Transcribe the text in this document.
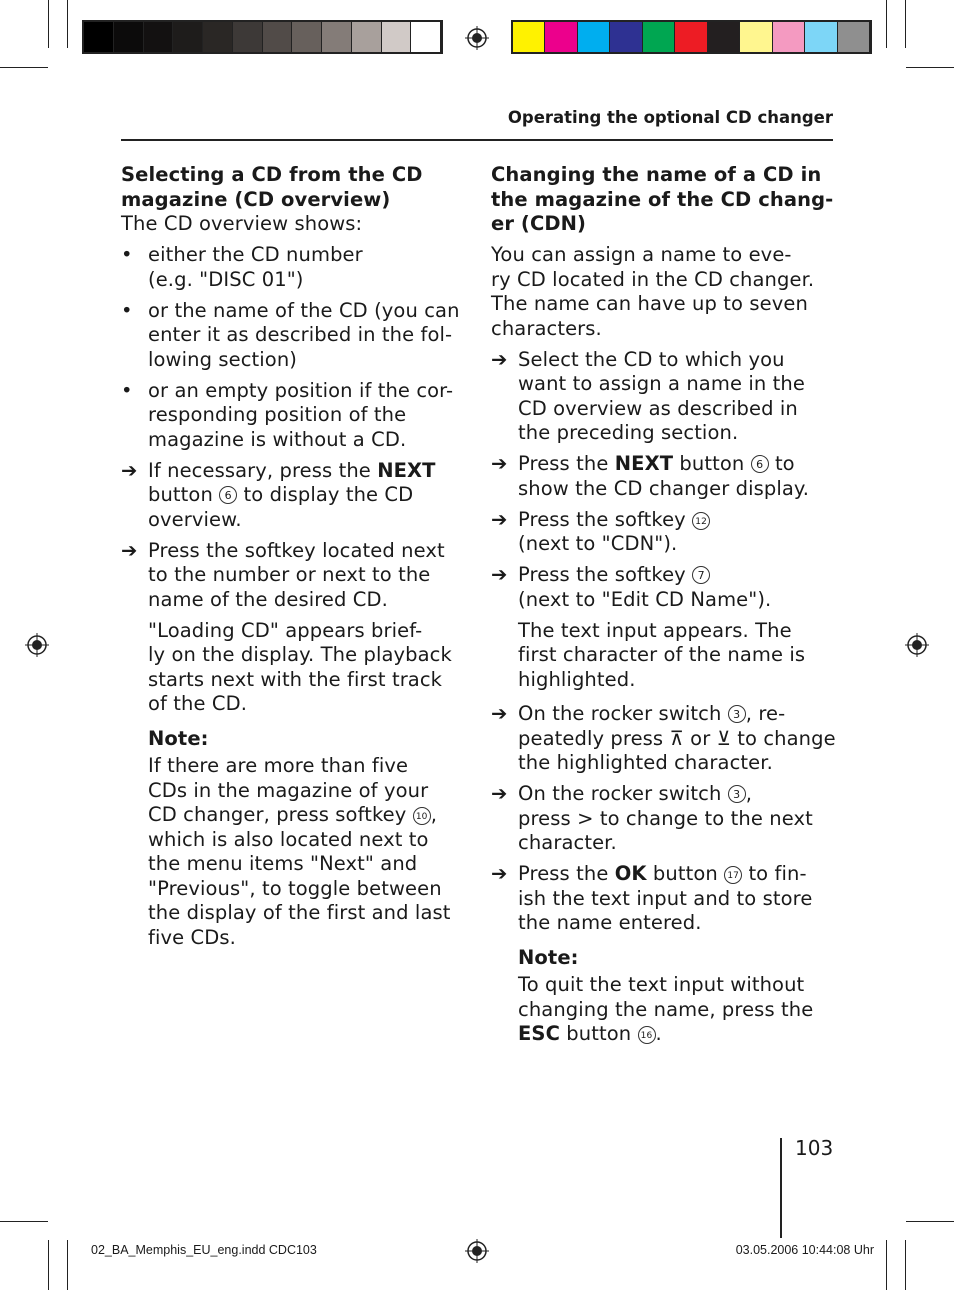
Operating the optional CD changer
Selecting a CD from the CD
magazine (CD overview)

The CD overview shows:

• either the CD number
(e.g. "DISC 01")
• or the name of the CD (you can
enter it as described in the fol-
lowing section)
• or an empty position if the cor-
responding position of the
magazine is without a CD.
➔ If necessary, press the NEXT
button 6 to display the CD
overview.
➔ Press the softkey located next
to the number or next to the
name of the desired CD.
"Loading CD" appears brief-
ly on the display. The playback
starts next with the first track
of the CD.
Note:
If there are more than five
CDs in the magazine of your
CD changer, press softkey 10 ,
which is also located next to
the menu items "Next" and
"Previous", to toggle between
the display of the first and last
five CDs.
Changing the name of a CD in
the magazine of the CD chang-
er (CDN)

You can assign a name to eve-
ry CD located in the CD changer.
The name can have up to seven
characters.

➔ Select the CD to which you
want to assign a name in the
CD overview as described in
the preceding section.
➔ Press the NEXT button 6 to
show the CD changer display.
➔ Press the softkey 12
(next to "CDN").
➔ Press the softkey 7
(next to "Edit CD Name").
The text input appears. The
first character of the name is
highlighted.
➔ On the rocker switch 3 , re-
peatedly press ⊼ or ⊻ to change
the highlighted character.
➔ On the rocker switch 3 ,
press > to change to the next
character.
➔ Press the OK button 17 to fin-
ish the text input and to store
the name entered.
Note:
To quit the text input without
changing the name, press the
ESC button 16 .
103
02_BA_Memphis_EU_eng.indd CDC103	03.05.2006 10:44:08 Uhr
